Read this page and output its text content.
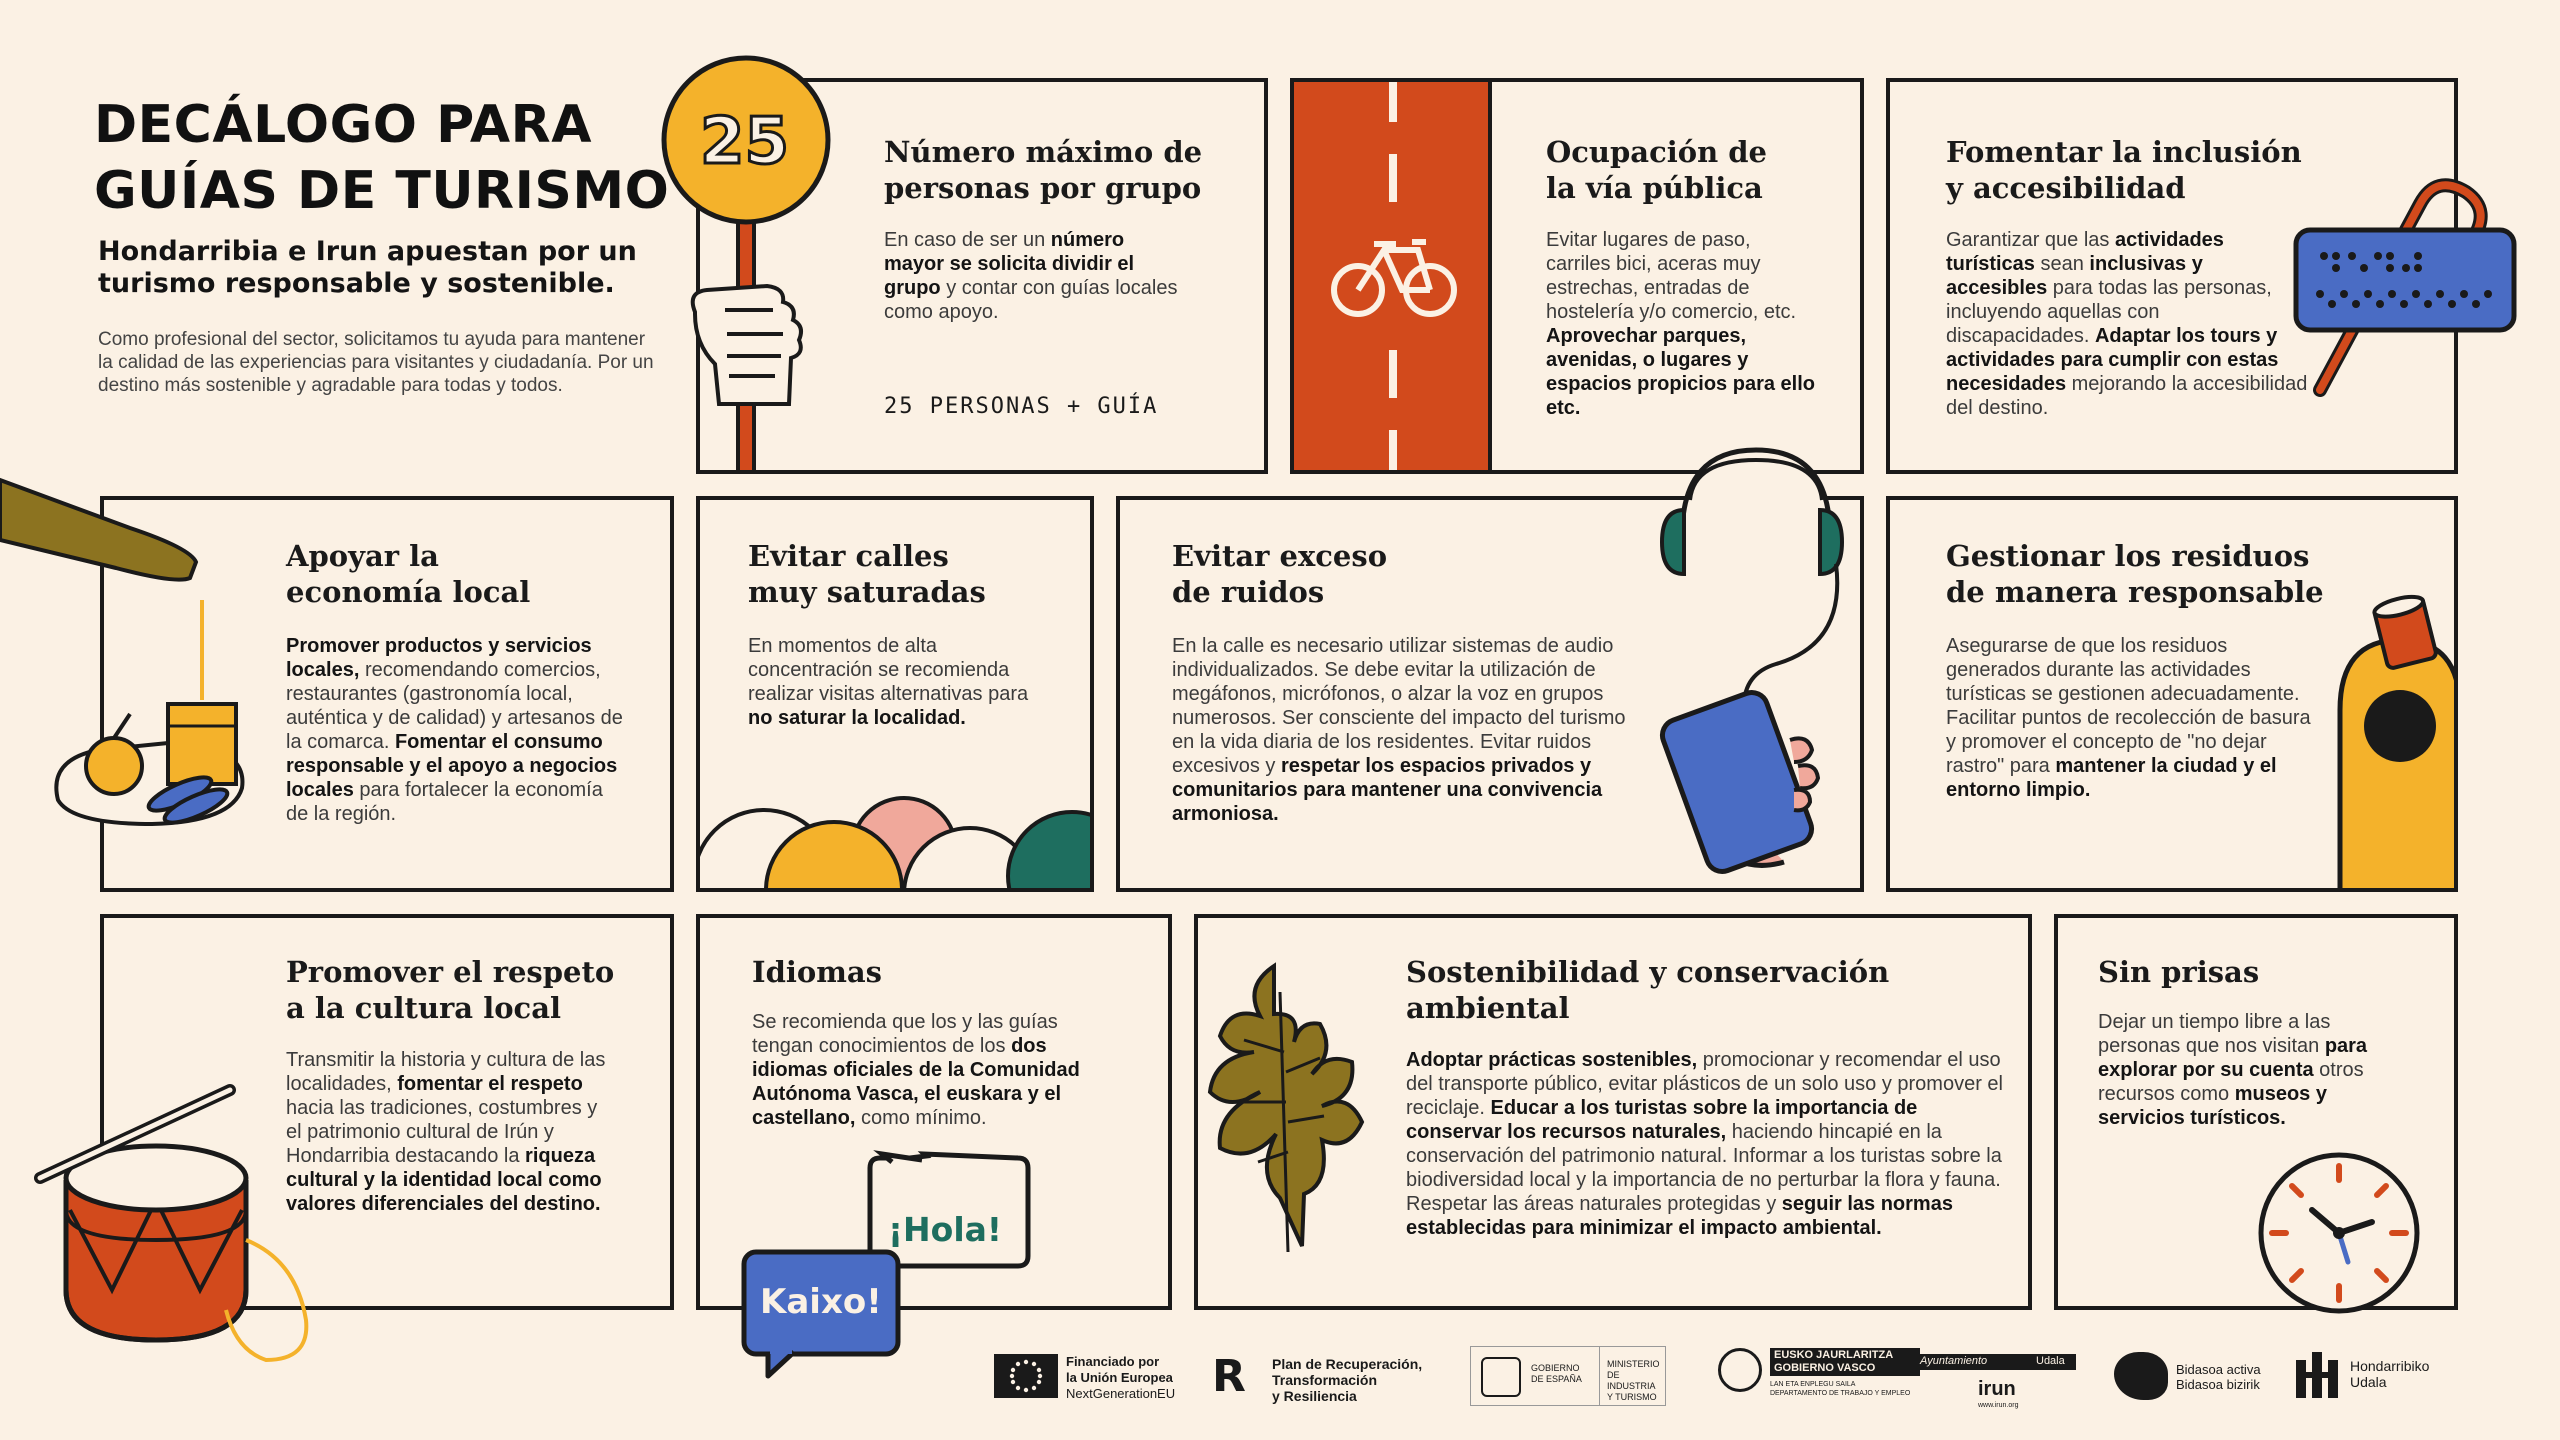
DECÁLOGO PARA
GUÍAS DE TURISMO
Hondarribia e Irun apuestan por un turismo responsable y sostenible.
Como profesional del sector, solicitamos tu ayuda para mantener la calidad de las experiencias para visitantes y ciudadanía. Por un destino más sostenible y agradable para todas y todos.
Número máximo de
personas por grupo
En caso de ser un número mayor se solicita dividir el grupo y contar con guías locales como apoyo.
25 PERSONAS + GUÍA
25	Ocupación de
la vía pública
Evitar lugares de paso, carriles bici, aceras muy estrechas, entradas de hostelería y/o comercio, etc. Aprovechar parques, avenidas, o lugares y espacios propicios para ello etc.
Fomentar la inclusión
y accesibilidad
Garantizar que las actividades turísticas sean inclusivas y accesibles para todas las personas, incluyendo aquellas con discapacidades. Adaptar los tours y actividades para cumplir con estas necesidades mejorando la accesibilidad del destino.
Apoyar la
economía local
Promover productos y servicios locales, recomendando comercios, restaurantes (gastronomía local, auténtica y de calidad) y artesanos de la comarca. Fomentar el consumo responsable y el apoyo a negocios locales para fortalecer la economía de la región.
Evitar calles
muy saturadas
En momentos de alta concentración se recomienda realizar visitas alternativas para no saturar la localidad.
Evitar exceso
de ruidos
En la calle es necesario utilizar sistemas de audio individualizados. Se debe evitar la utilización de megáfonos, micrófonos, o alzar la voz en grupos numerosos. Ser consciente del impacto del turismo en la vida diaria de los residentes. Evitar ruidos excesivos y respetar los espacios privados y comunitarios para mantener una convivencia armoniosa.
Gestionar los residuos
de manera responsable
Asegurarse de que los residuos generados durante las actividades turísticas se gestionen adecuadamente. Facilitar puntos de recolección de basura y promover el concepto de "no dejar rastro" para mantener la ciudad y el entorno limpio.
Promover el respeto
a la cultura local
Transmitir la historia y cultura de las localidades, fomentar el respeto hacia las tradiciones, costumbres y el patrimonio cultural de Irún y Hondarribia destacando la riqueza cultural y la identidad local como valores diferenciales del destino.
Idiomas
Se recomienda que los y las guías tengan conocimientos de los dos idiomas oficiales de la Comunidad Autónoma Vasca, el euskara y el castellano, como mínimo.
¡Hola!
Kaixo!
Sostenibilidad y conservación
ambiental
Adoptar prácticas sostenibles, promocionar y recomendar el uso del transporte público, evitar plásticos de un solo uso y promover el reciclaje. Educar a los turistas sobre la importancia de conservar los recursos naturales, haciendo hincapié en la conservación del patrimonio natural. Informar a los turistas sobre la biodiversidad local y la importancia de no perturbar la flora y fauna. Respetar las áreas naturales protegidas y seguir las normas establecidas para minimizar el impacto ambiental.
Sin prisas
Dejar un tiempo libre a las personas que nos visitan para explorar por su cuenta otros recursos como museos y servicios turísticos.
Financiado por
la Unión Europea
NextGenerationEU R Plan de Recuperación,
Transformación
y Resiliencia
GOBIERNO
DE ESPAÑA
MINISTERIO
DE INDUSTRIA
Y TURISMO
EUSKO JAURLARITZA
GOBIERNO VASCO
LAN ETA ENPLEGU SAILA
DEPARTAMENTO DE TRABAJO Y EMPLEO
Ayuntamiento	Udala
irun
www.irun.org
Bidasoa activa
Bidasoa bizirik
Hondarribiko
Udala
